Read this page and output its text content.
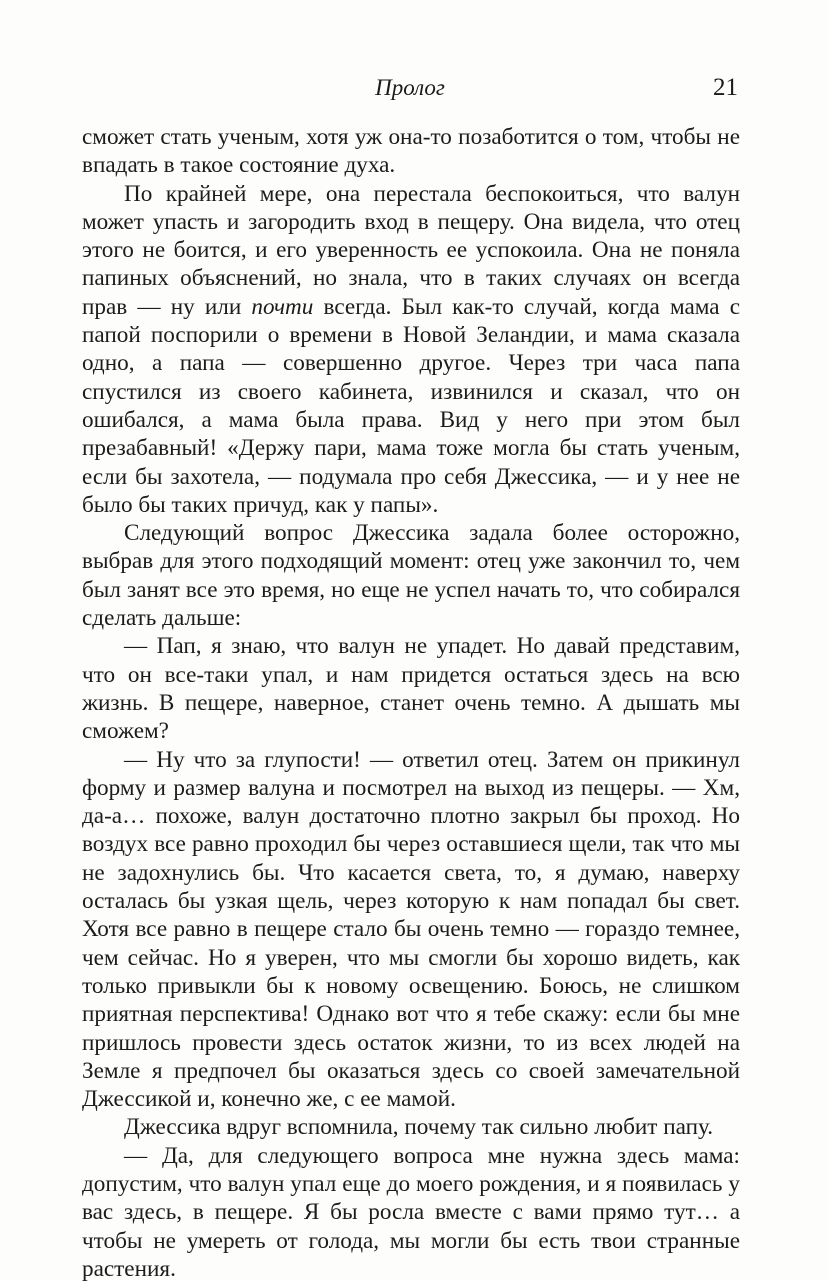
Пролог	21

сможет стать ученым, хотя уж она-то позаботится о том, чтобы не впадать в такое состояние духа.

По крайней мере, она перестала беспокоиться, что валун может упасть и загородить вход в пещеру. Она видела, что отец этого не боится, и его уверенность ее успокоила. Она не поняла папиных объяснений, но знала, что в таких случаях он всегда прав — ну или почти всегда. Был как-то случай, когда мама с папой поспорили о времени в Новой Зеландии, и мама сказала одно, а папа — совершенно другое. Через три часа папа спустился из своего кабинета, извинился и сказал, что он ошибался, а мама была права. Вид у него при этом был презабавный! «Держу пари, мама тоже могла бы стать ученым, если бы захотела, — подумала про себя Джессика, — и у нее не было бы таких причуд, как у папы».

Следующий вопрос Джессика задала более осторожно, выбрав для этого подходящий момент: отец уже закончил то, чем был занят все это время, но еще не успел начать то, что собирался сделать дальше:

— Пап, я знаю, что валун не упадет. Но давай представим, что он все-таки упал, и нам придется остаться здесь на всю жизнь. В пещере, наверное, станет очень темно. А дышать мы сможем?

— Ну что за глупости! — ответил отец. Затем он прикинул форму и размер валуна и посмотрел на выход из пещеры. — Хм, да-а… похоже, валун достаточно плотно закрыл бы проход. Но воздух все равно проходил бы через оставшиеся щели, так что мы не задохнулись бы. Что касается света, то, я думаю, наверху осталась бы узкая щель, через которую к нам попадал бы свет. Хотя все равно в пещере стало бы очень темно — гораздо темнее, чем сейчас. Но я уверен, что мы смогли бы хорошо видеть, как только привыкли бы к новому освещению. Боюсь, не слишком приятная перспектива! Однако вот что я тебе скажу: если бы мне пришлось провести здесь остаток жизни, то из всех людей на Земле я предпочел бы оказаться здесь со своей замечательной Джессикой и, конечно же, с ее мамой.

Джессика вдруг вспомнила, почему так сильно любит папу.

— Да, для следующего вопроса мне нужна здесь мама: допустим, что валун упал еще до моего рождения, и я появилась у вас здесь, в пещере. Я бы росла вместе с вами прямо тут… а чтобы не умереть от голода, мы могли бы есть твои странные растения.
